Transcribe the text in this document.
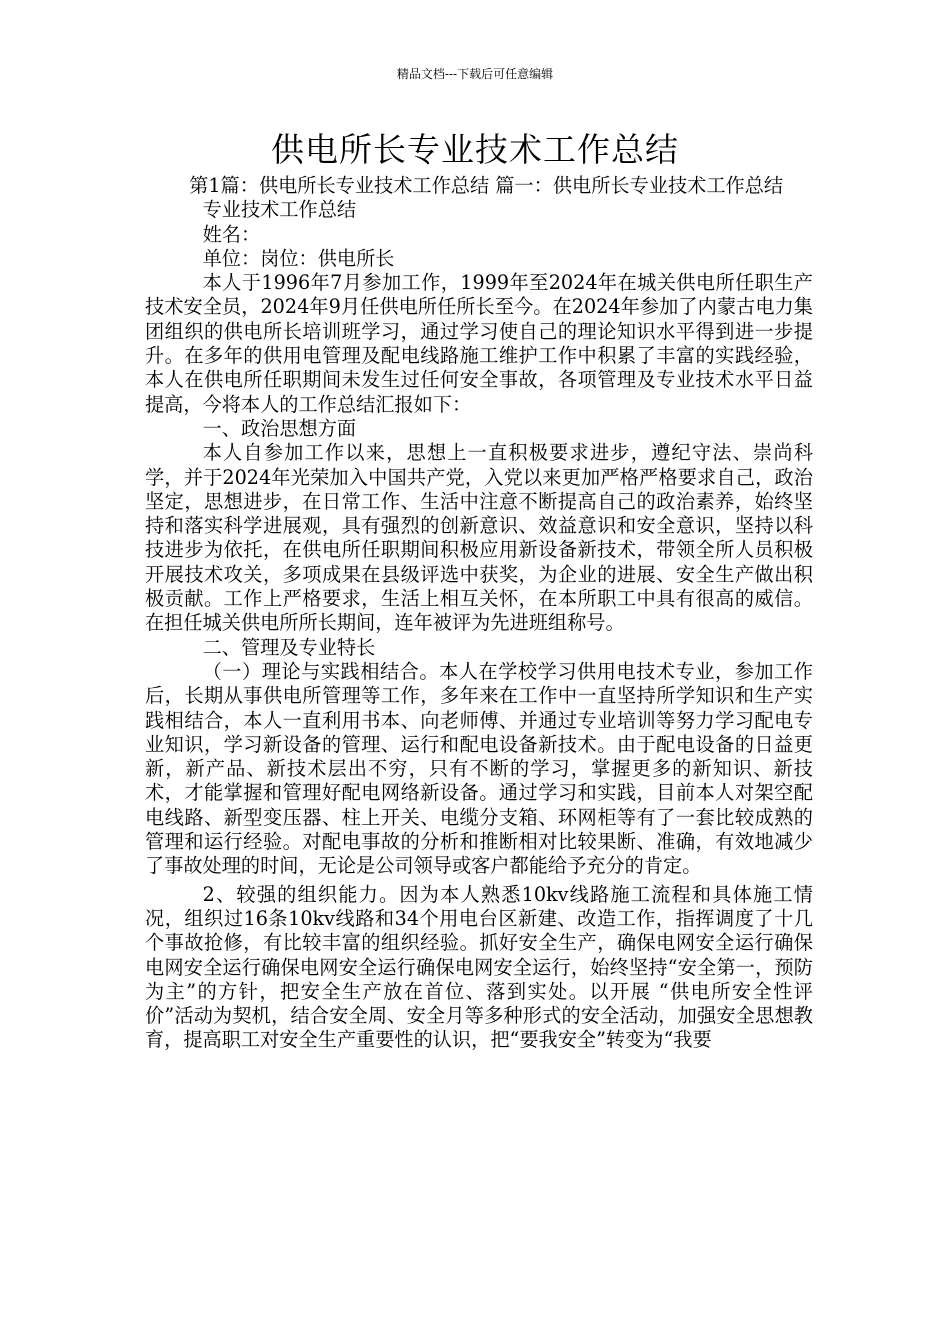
精品文档---下载后可任意编辑
供电所长专业技术工作总结

第1篇：供电所长专业技术工作总结 篇一：供电所长专业技术工作总结

专业技术工作总结

姓名：

单位：岗位：供电所长

本人于1996年7月参加工作，1999年至2024年在城关供电所任职生产技术安全员，2024年9月任供电所任所长至今。在2024年参加了内蒙古电力集团组织的供电所长培训班学习，通过学习使自己的理论知识水平得到进一步提升。在多年的供用电管理及配电线路施工维护工作中积累了丰富的实践经验，本人在供电所任职期间未发生过任何安全事故，各项管理及专业技术水平日益提高，今将本人的工作总结汇报如下：

一、政治思想方面

本人自参加工作以来，思想上一直积极要求进步，遵纪守法、崇尚科学，并于2024年光荣加入中国共产党，入党以来更加严格严格要求自己，政治坚定，思想进步，在日常工作、生活中注意不断提高自己的政治素养，始终坚持和落实科学进展观，具有强烈的创新意识、效益意识和安全意识，坚持以科技进步为依托，在供电所任职期间积极应用新设备新技术，带领全所人员积极开展技术攻关，多项成果在县级评选中获奖，为企业的进展、安全生产做出积极贡献。工作上严格要求，生活上相互关怀，在本所职工中具有很高的威信。在担任城关供电所所长期间，连年被评为先进班组称号。

二、管理及专业特长

（一）理论与实践相结合。本人在学校学习供用电技术专业，参加工作后，长期从事供电所管理等工作，多年来在工作中一直坚持所学知识和生产实践相结合，本人一直利用书本、向老师傅、并通过专业培训等努力学习配电专业知识，学习新设备的管理、运行和配电设备新技术。由于配电设备的日益更新，新产品、新技术层出不穷，只有不断的学习，掌握更多的新知识、新技术，才能掌握和管理好配电网络新设备。通过学习和实践，目前本人对架空配电线路、新型变压器、柱上开关、电缆分支箱、环网柜等有了一套比较成熟的管理和运行经验。对配电事故的分析和推断相对比较果断、准确，有效地减少 了事故处理的时间，无论是公司领导或客户都能给予充分的肯定。

2、较强的组织能力。因为本人熟悉10kv线路施工流程和具体施工情况，组织过16条10kv线路和34个用电台区新建、改造工作，指挥调度了十几个事故抢修，有比较丰富的组织经验。抓好安全生产，确保电网安全运行确保电网安全运行确保电网安全运行确保电网安全运行，始终坚持“安全第一，预防为主”的方针，把安全生产放在首位、落到实处。以开展 “供电所安全性评价”活动为契机，结合安全周、安全月等多种形式的安全活动，加强安全思想教育，提高职工对安全生产重要性的认识，把“要我安全”转变为“我要
